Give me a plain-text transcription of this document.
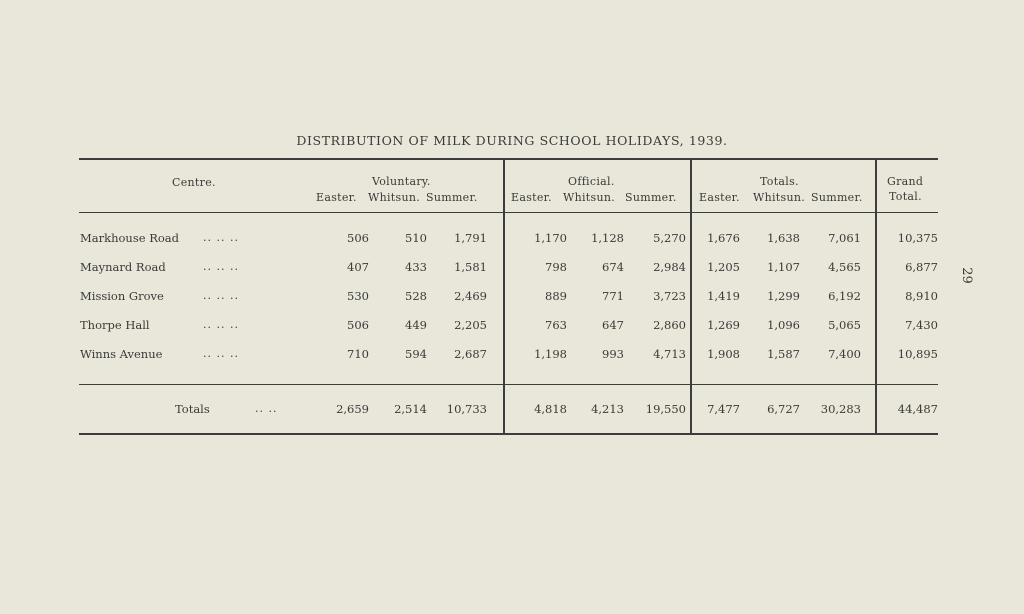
DISTRIBUTION OF MILK DURING SCHOOL HOLIDAYS, 1939.
29
Centre.	Voluntary.	Official.	Totals.	Grand
Total.
Easter. Whitsun. Summer.	Easter. Whitsun. Summer. Easter. Whitsun. Summer.
Markhouse Road .. .. ..	506	510	1,791	1,170	1,128	5,270	1,676	1,638	7,061	10,375
Maynard Road	.. .. ..	407	433	1,581	798	674	2,984	1,205	1,107	4,565	6,877
Mission Grove	.. .. ..	530	528	2,469	889	771	3,723	1,419	1,299	6,192	8,910
Thorpe Hall	.. .. ..	506	449	2,205	763	647	2,860	1,269	1,096	5,065	7,430
Winns Avenue	.. .. ..	710	594	2,687	1,198	993	4,713	1,908	1,587	7,400	10,895
Totals	.. ..	2,659	2,514	10,733	4,818	4,213	19,550	7,477	6,727	30,283	44,487
